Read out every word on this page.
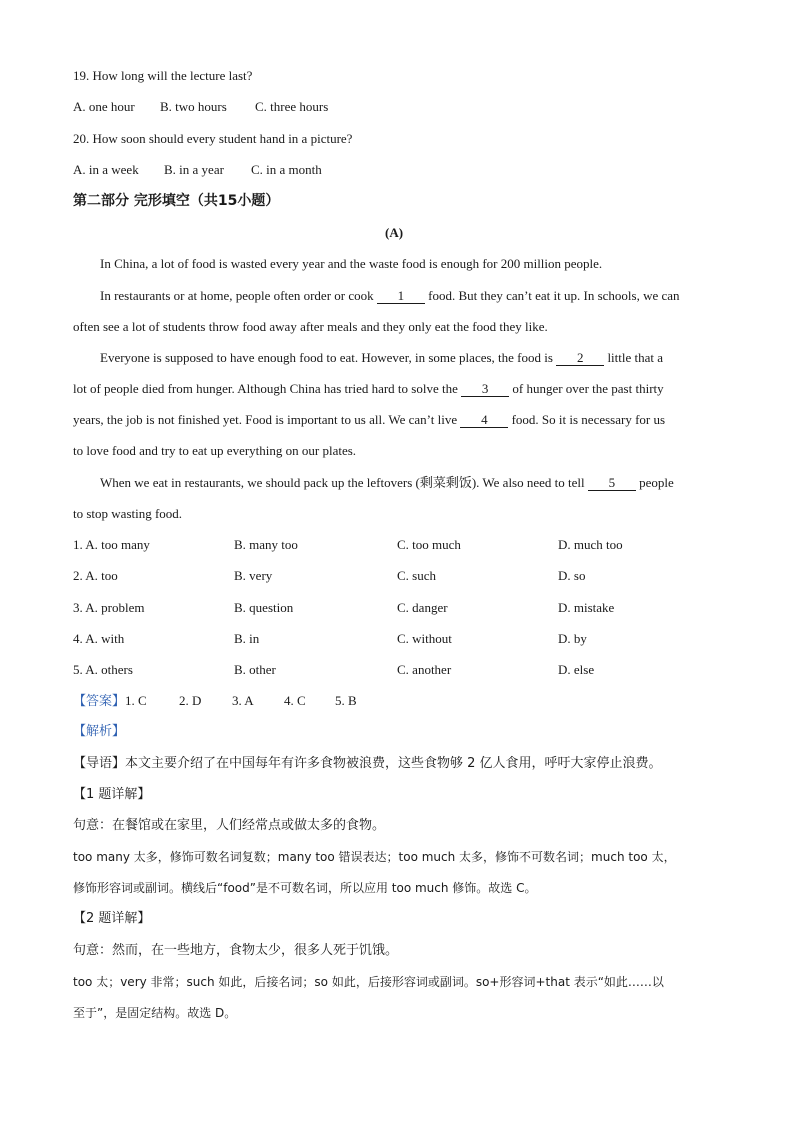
19. How long will the lecture last?
A. one hour B. two hours C. three hours
20. How soon should every student hand in a picture?
A. in a week B. in a year C. in a month
第二部分 完形填空（共15小题）
(A)
In China, a lot of food is wasted every year and the waste food is enough for 200 million people.
In restaurants or at home, people often order or cook 1 food. But they can’t eat it up. In schools, we can
often see a lot of students throw food away after meals and they only eat the food they like.
Everyone is supposed to have enough food to eat. However, in some places, the food is 2 little that a
lot of people died from hunger. Although China has tried hard to solve the 3 of hunger over the past thirty
years, the job is not finished yet. Food is important to us all. We can’t live 4 food. So it is necessary for us
to love food and try to eat up everything on our plates.
When we eat in restaurants, we should pack up the leftovers (剩菜剩饭). We also need to tell 5 people
to stop wasting food.
1. A. too many	B. many too	C. too much	D. much too
2. A. too	B. very	C. such	D. so
3. A. problem	B. question	C. danger	D. mistake
4. A. with	B. in	C. without	D. by
5. A. others	B. other	C. another	D. else
【答案】1. C 2. D 3. A 4. C 5. B
【解析】
【导语】本文主要介绍了在中国每年有许多食物被浪费，这些食物够 2 亿人食用，呼吁大家停止浪费。
【1 题详解】
句意：在餐馆或在家里，人们经常点或做太多的食物。
too many 太多，修饰可数名词复数；many too 错误表达；too much 太多，修饰不可数名词；much too 太，
修饰形容词或副词。横线后“food”是不可数名词，所以应用 too much 修饰。故选 C。
【2 题详解】
句意：然而，在一些地方，食物太少，很多人死于饥饿。
too 太；very 非常；such 如此，后接名词；so 如此，后接形容词或副词。so+形容词+that 表示“如此……以
至于”，是固定结构。故选 D。
